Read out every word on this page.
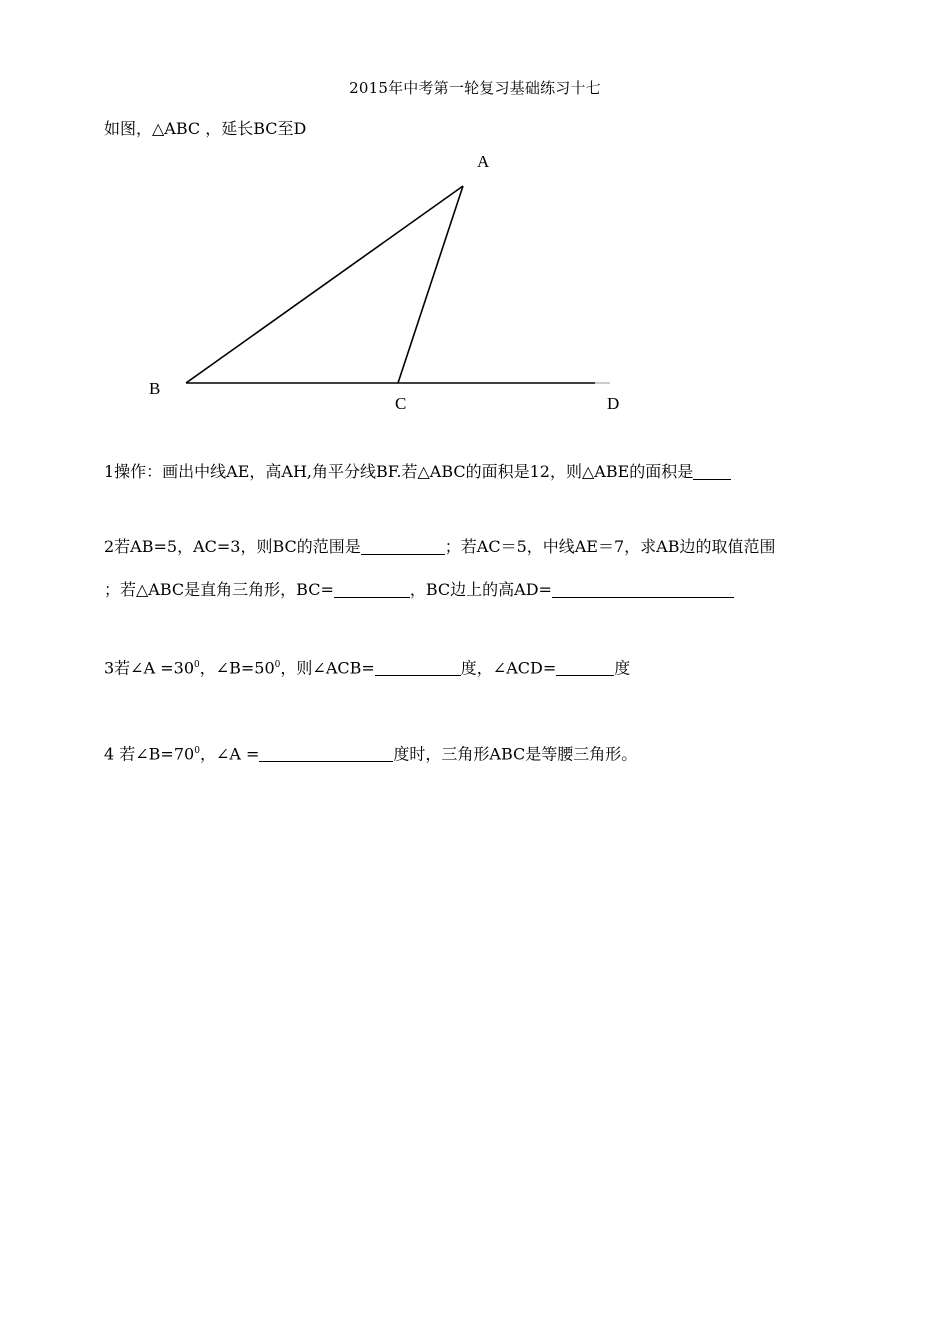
2015年中考第一轮复习基础练习十七
如图，△ABC ，延长BC至D
A
B
C	D
1操作：画出中线AE，高AH,角平分线BF.若△ABC的面积是12，则△ABE的面积是
2若AB=5，AC=3，则BC的范围是	；若AC＝5，中线AE＝7，求AB边的取值范围
；若△ABC是直角三角形，BC=	，BC边上的高AD=
3若∠A $=30^0$，$\angle B=50^0$，则∠ACB=	度，∠ACD=	度
4 若$\angle B=70^0$，∠A =	度时，三角形ABC是等腰三角形。
